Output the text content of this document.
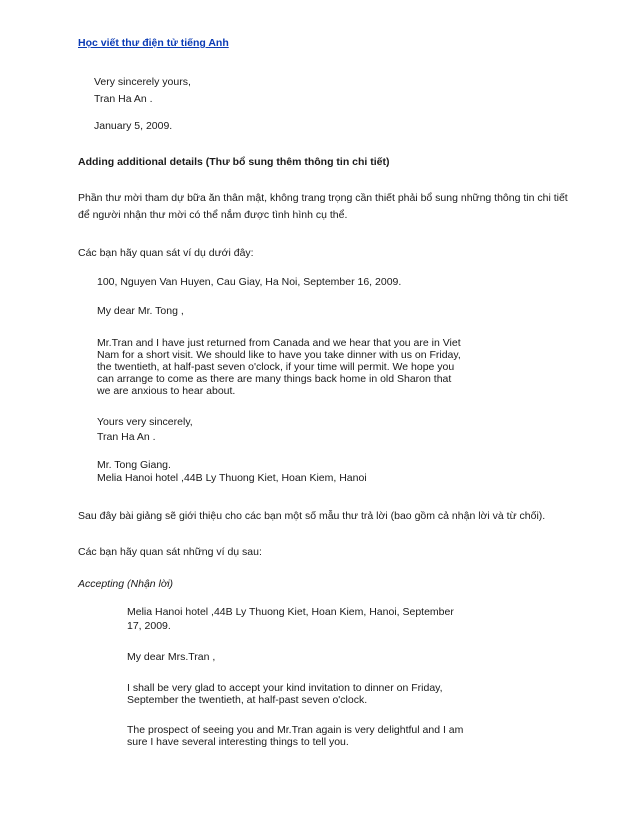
Học viết thư điện tử tiếng Anh
Very sincerely yours,
Tran Ha An .
January 5, 2009.
Adding additional details (Thư bổ sung thêm thông tin chi tiết)
Phần thư mời tham dự bữa ăn thân mật, không trang trọng cần thiết phải bổ sung những thông tin chi tiết
để người nhận thư mời có thể nắm được tình hình cụ thể.
Các bạn hãy quan sát ví dụ dưới đây:
100, Nguyen Van Huyen, Cau Giay, Ha Noi, September 16, 2009.
My dear Mr. Tong ,
Mr.Tran and I have just returned from Canada and we hear that you are in Viet
Nam for a short visit. We should like to have you take dinner with us on Friday,
the twentieth, at half-past seven o'clock, if your time will permit. We hope you
can arrange to come as there are many things back home in old Sharon that
we are anxious to hear about.
Yours very sincerely,
Tran Ha An .
Mr. Tong Giang.
Melia Hanoi hotel ,44B Ly Thuong Kiet, Hoan Kiem, Hanoi
Sau đây bài giảng sẽ giới thiệu cho các bạn một số mẫu thư trả lời (bao gồm cả nhận lời và từ chối).
Các bạn hãy quan sát những ví dụ sau:
Accepting (Nhận lời)
Melia Hanoi hotel ,44B Ly Thuong Kiet, Hoan Kiem, Hanoi, September
17, 2009.
My dear Mrs.Tran ,
I shall be very glad to accept your kind invitation to dinner on Friday,
September the twentieth, at half-past seven o'clock.
The prospect of seeing you and Mr.Tran again is very delightful and I am
sure I have several interesting things to tell you.
